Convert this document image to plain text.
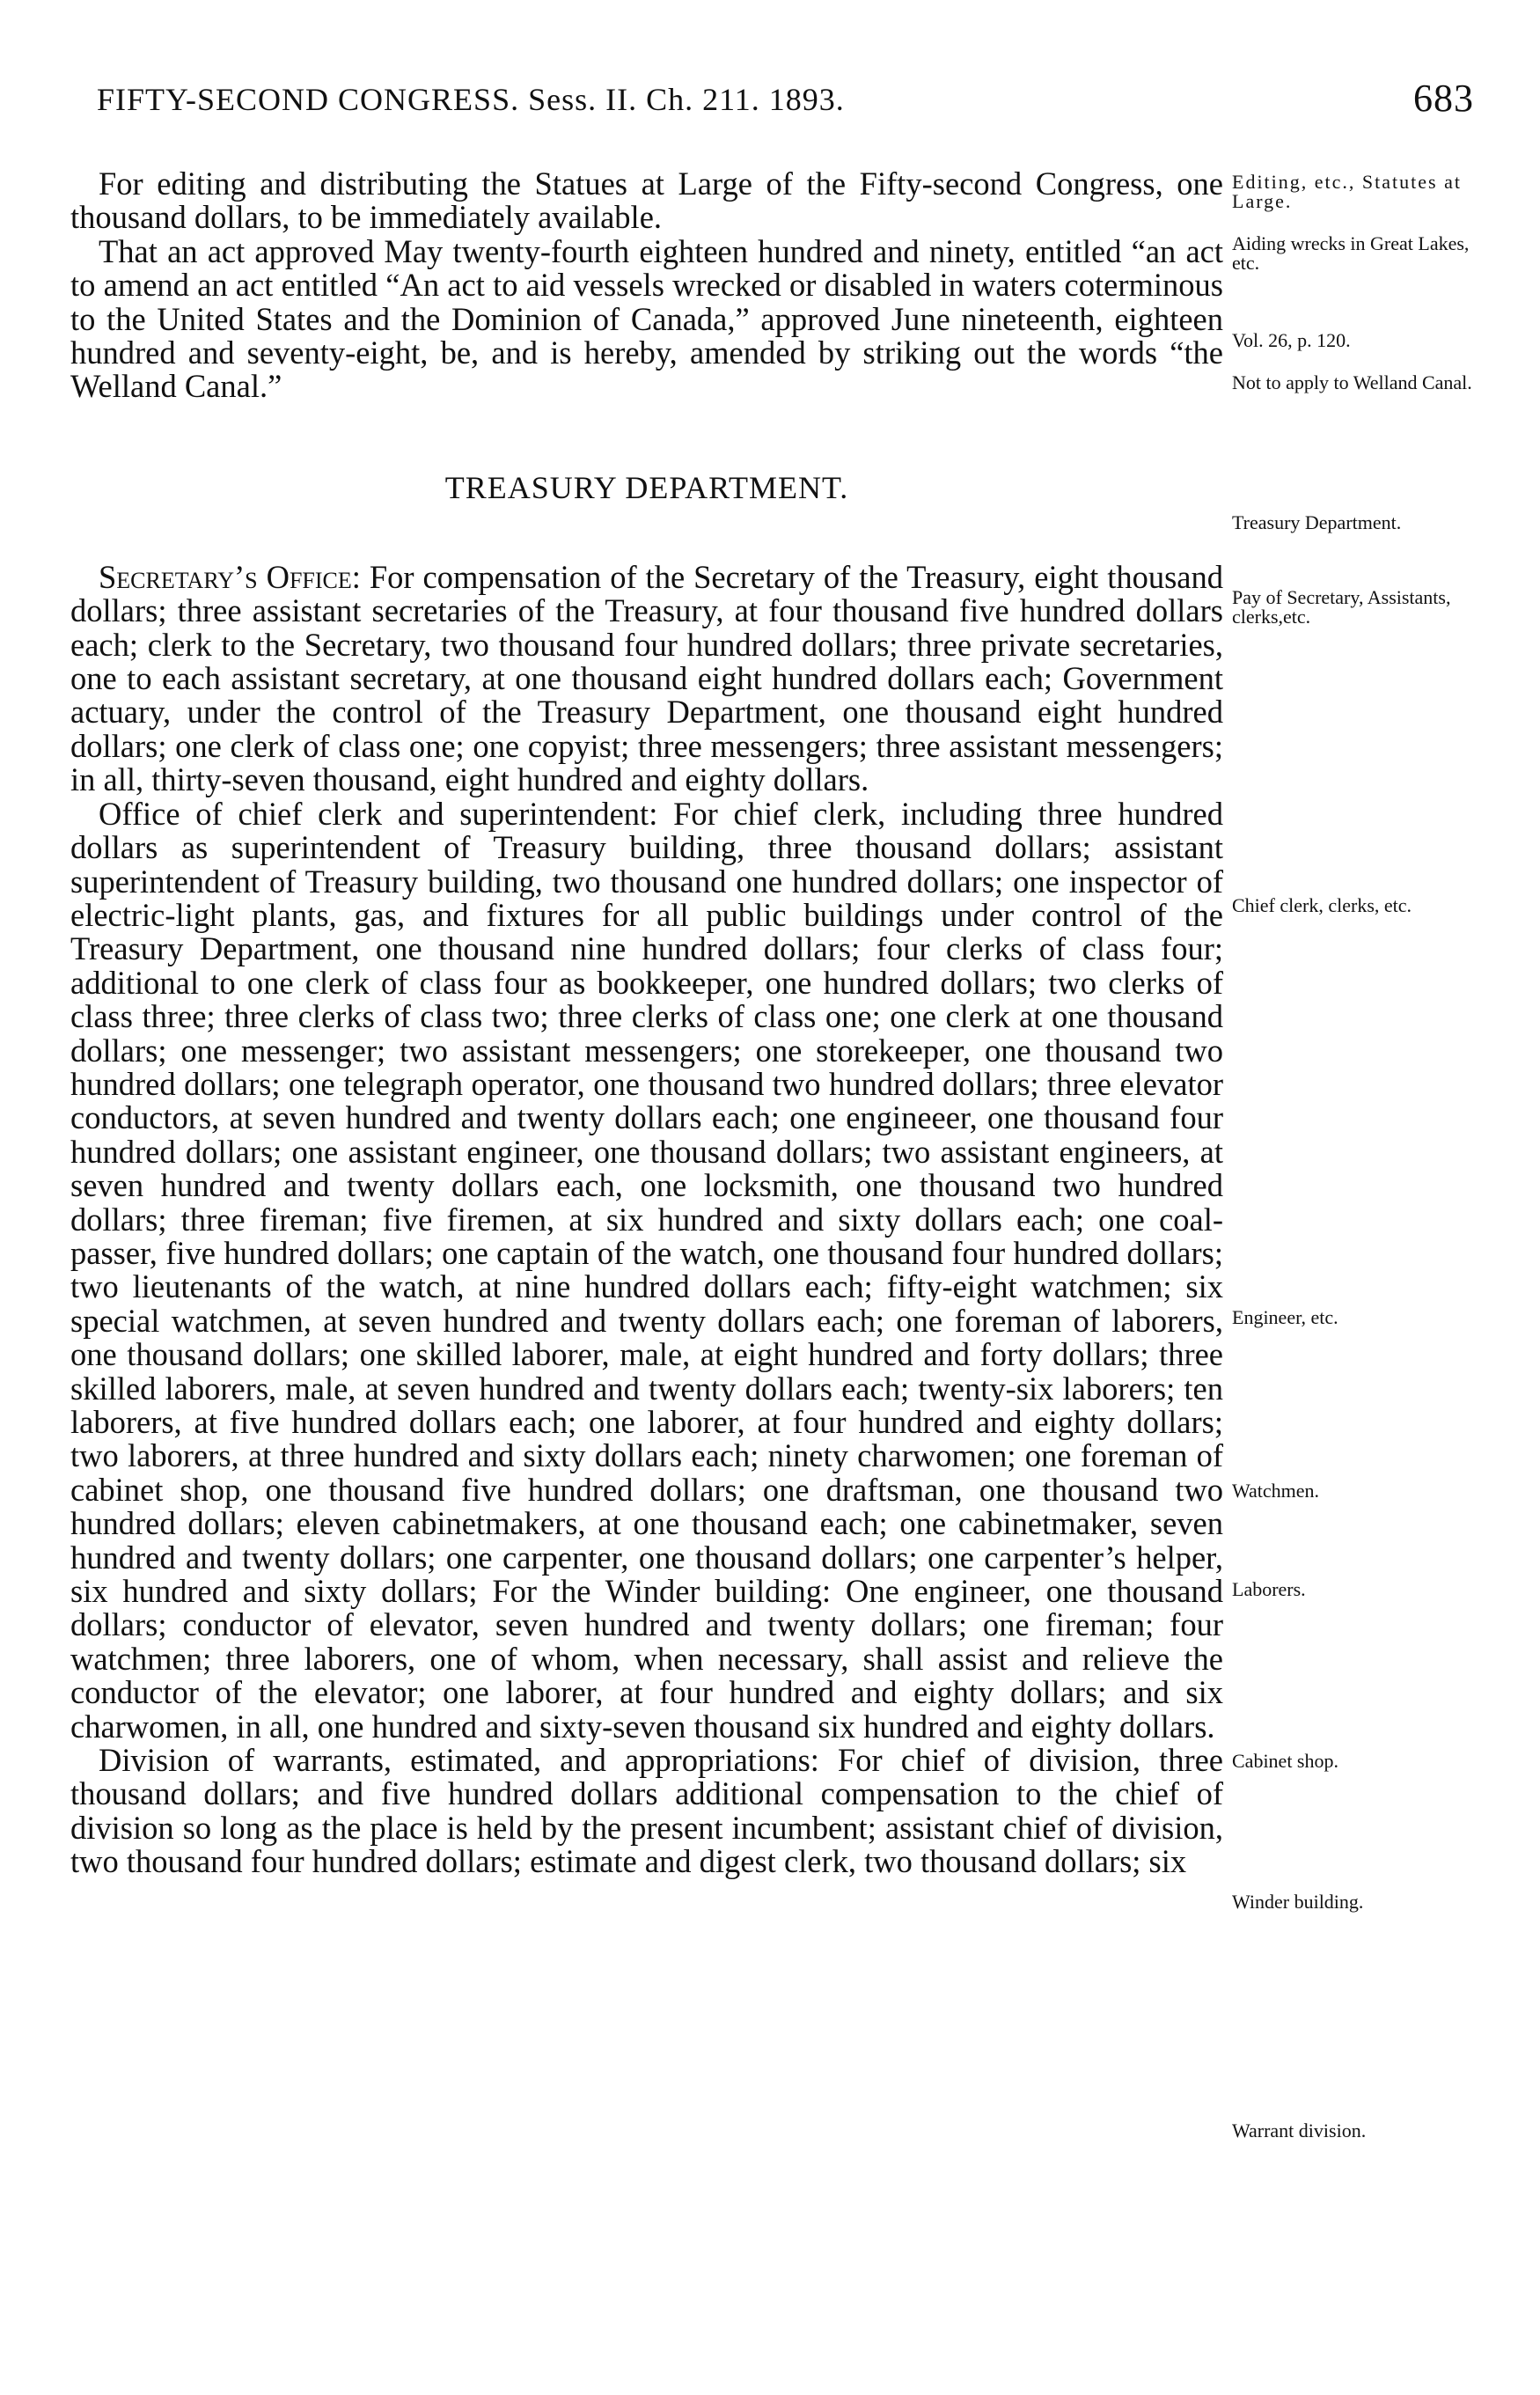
FIFTY-SECOND CONGRESS. Sess. II. Ch. 211. 1893.	683

For editing and distributing the Statues at Large of the Fifty-second Congress, one thousand dollars, to be immediately available.

That an act approved May twenty-fourth eighteen hundred and ninety, entitled “an act to amend an act entitled “An act to aid vessels wrecked or disabled in waters coterminous to the United States and the Dominion of Canada,” approved June nineteenth, eighteen hundred and seventy-eight, be, and is hereby, amended by striking out the words “the Welland Canal.”

TREASURY DEPARTMENT.

Secretary’s Office: For compensation of the Secretary of the Treasury, eight thousand dollars; three assistant secretaries of the Treasury, at four thousand five hundred dollars each; clerk to the Secretary, two thousand four hundred dollars; three private secretaries, one to each assistant secretary, at one thousand eight hundred dollars each; Government actuary, under the control of the Treasury Department, one thousand eight hundred dollars; one clerk of class one; one copyist; three messengers; three assistant messengers; in all, thirty-seven thousand, eight hundred and eighty dollars.

Office of chief clerk and superintendent: For chief clerk, including three hundred dollars as superintendent of Treasury building, three thousand dollars; assistant superintendent of Treasury building, two thousand one hundred dollars; one inspector of electric-light plants, gas, and fixtures for all public buildings under control of the Treasury Department, one thousand nine hundred dollars; four clerks of class four; additional to one clerk of class four as bookkeeper, one hundred dollars; two clerks of class three; three clerks of class two; three clerks of class one; one clerk at one thousand dollars; one messenger; two assistant messengers; one storekeeper, one thousand two hundred dollars; one telegraph operator, one thousand two hundred dollars; three elevator conductors, at seven hundred and twenty dollars each; one engineeer, one thousand four hundred dollars; one assistant engineer, one thousand dollars; two assistant engineers, at seven hundred and twenty dollars each, one locksmith, one thousand two hundred dollars; three fireman; five firemen, at six hundred and sixty dollars each; one coal-passer, five hundred dollars; one captain of the watch, one thousand four hundred dollars; two lieutenants of the watch, at nine hundred dollars each; fifty-eight watchmen; six special watchmen, at seven hundred and twenty dollars each; one foreman of laborers, one thousand dollars; one skilled laborer, male, at eight hundred and forty dollars; three skilled laborers, male, at seven hundred and twenty dollars each; twenty-six laborers; ten laborers, at five hundred dollars each; one laborer, at four hundred and eighty dollars; two laborers, at three hundred and sixty dollars each; ninety charwomen; one foreman of cabinet shop, one thousand five hundred dollars; one draftsman, one thousand two hundred dollars; eleven cabinetmakers, at one thousand each; one cabinetmaker, seven hundred and twenty dollars; one carpenter, one thousand dollars; one carpenter’s helper, six hundred and sixty dollars; For the Winder building: One engineer, one thousand dollars; conductor of elevator, seven hundred and twenty dollars; one fireman; four watchmen; three laborers, one of whom, when necessary, shall assist and relieve the conductor of the elevator; one laborer, at four hundred and eighty dollars; and six charwomen, in all, one hundred and sixty-seven thousand six hundred and eighty dollars.

Division of warrants, estimated, and appropriations: For chief of division, three thousand dollars; and five hundred dollars additional compensation to the chief of division so long as the place is held by the present incumbent; assistant chief of division, two thousand four hundred dollars; estimate and digest clerk, two thousand dollars; six

Editing, etc., Statutes at Large.
Aiding wrecks in Great Lakes, etc.
Vol. 26, p. 120.
Not to apply to Welland Canal.
Treasury Department.
Pay of Secretary, Assistants, clerks,etc.
Chief clerk, clerks, etc.
Engineer, etc.
Watchmen.
Laborers.
Cabinet shop.
Winder building.
Warrant division.
